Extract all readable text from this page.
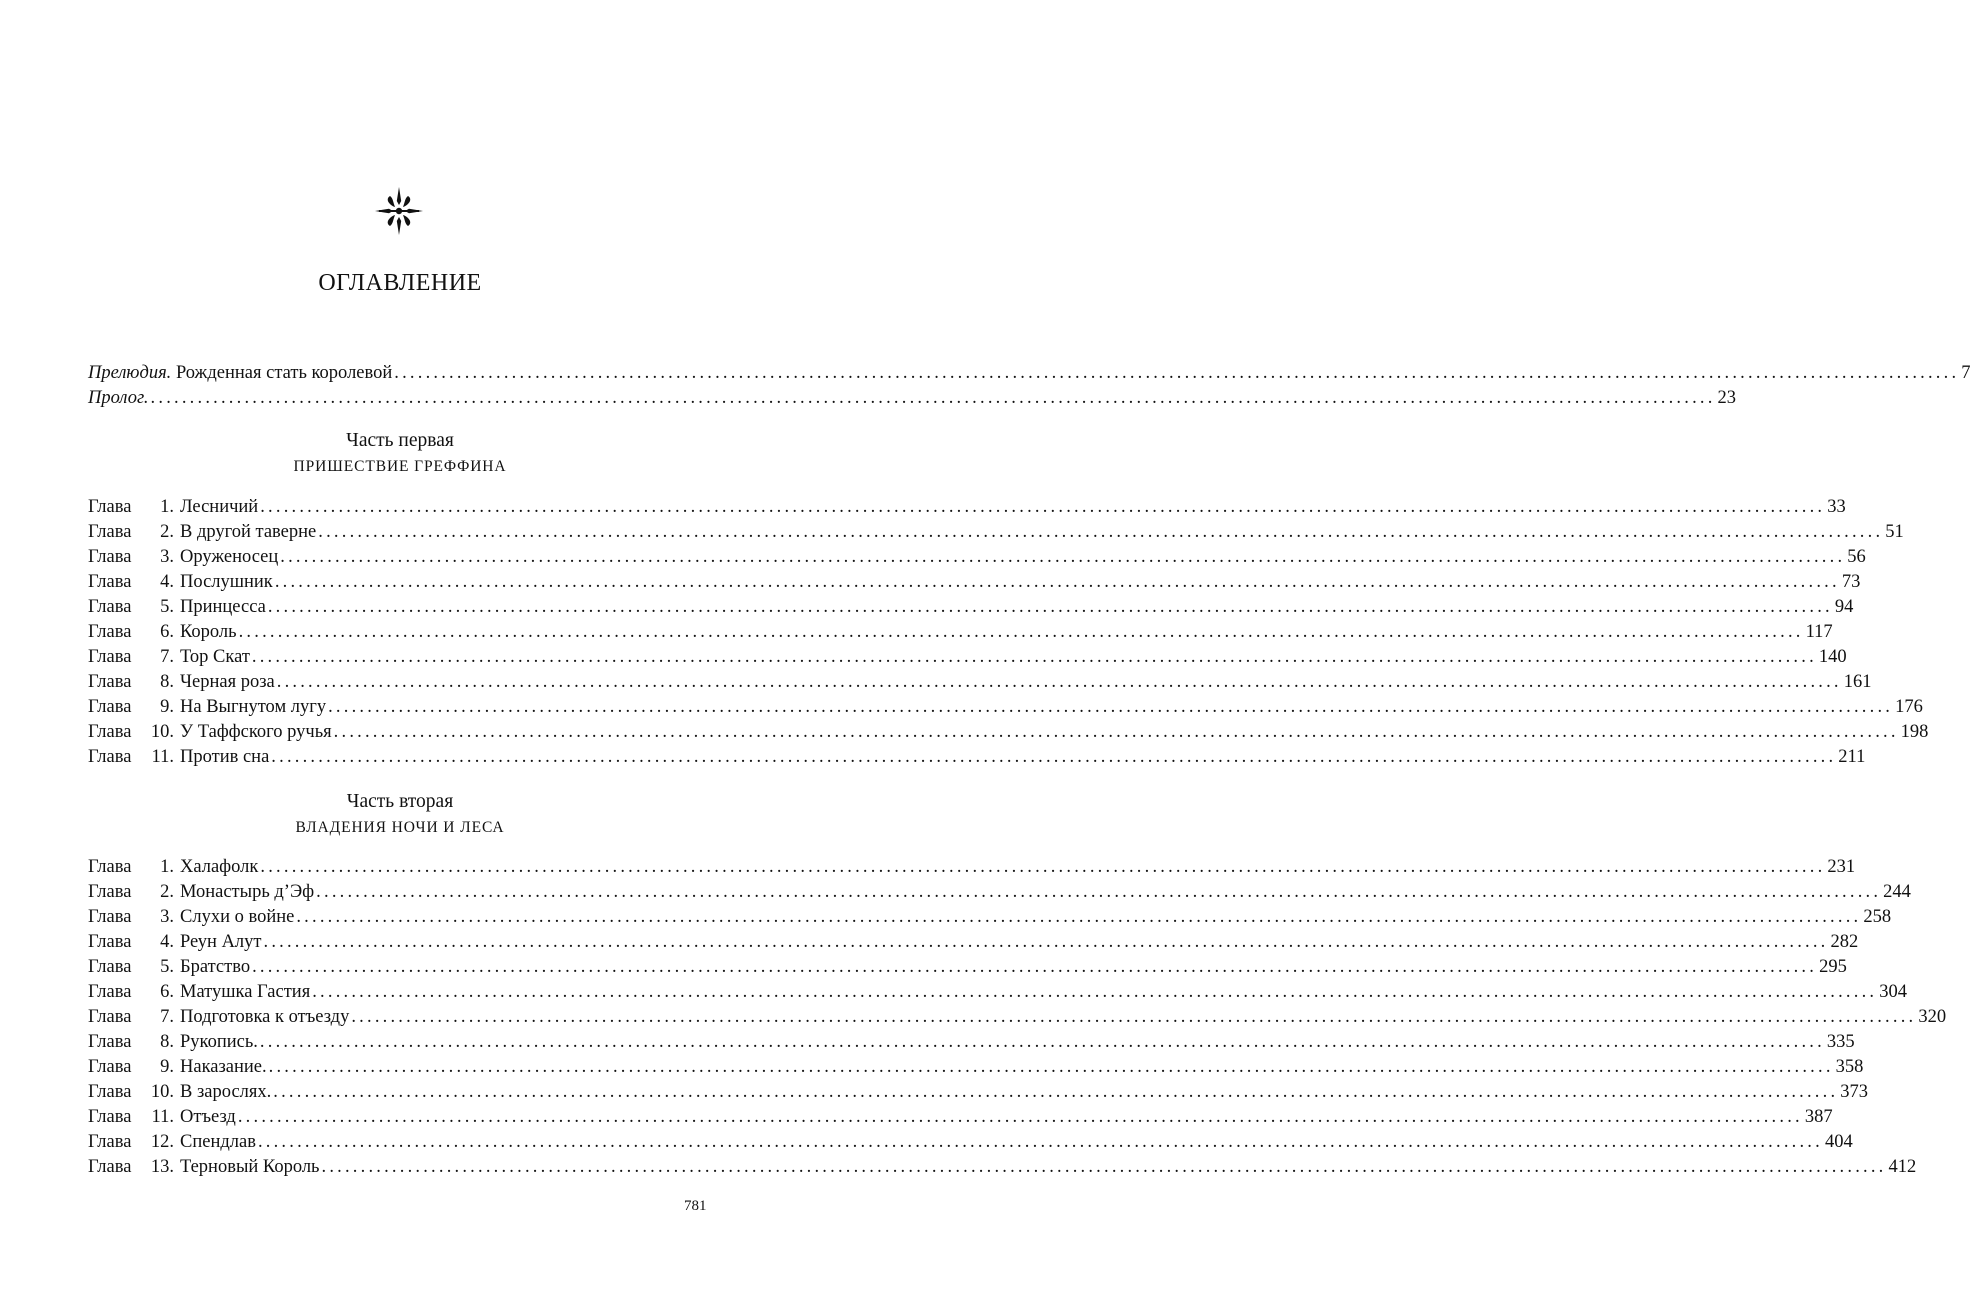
ОГЛАВЛЕНИЕ
Прелюдия. Рожденная стать королевой ........................................................................................................................................................................................................ 7
Пролог. ........................................................................................................................................................................................................ 23
Часть первая
ПРИШЕСТВИЕ ГРЕФФИНА
Глава 1. Лесничий ........................................................................................................................................................................................................ 33
Глава 2. В другой таверне ........................................................................................................................................................................................................ 51
Глава 3. Оруженосец ........................................................................................................................................................................................................ 56
Глава 4. Послушник ........................................................................................................................................................................................................ 73
Глава 5. Принцесса ........................................................................................................................................................................................................ 94
Глава 6. Король ........................................................................................................................................................................................................ 117
Глава 7. Тор Скат ........................................................................................................................................................................................................ 140
Глава 8. Черная роза ........................................................................................................................................................................................................ 161
Глава 9. На Выгнутом лугу ........................................................................................................................................................................................................ 176
Глава 10. У Таффского ручья ........................................................................................................................................................................................................ 198
Глава 11. Против сна ........................................................................................................................................................................................................ 211
Часть вторая
ВЛАДЕНИЯ НОЧИ И ЛЕСА
Глава 1. Халафолк ........................................................................................................................................................................................................ 231
Глава 2. Монастырь д’Эф ........................................................................................................................................................................................................ 244
Глава 3. Слухи о войне ........................................................................................................................................................................................................ 258
Глава 4. Реун Алут ........................................................................................................................................................................................................ 282
Глава 5. Братство ........................................................................................................................................................................................................ 295
Глава 6. Матушка Гастия ........................................................................................................................................................................................................ 304
Глава 7. Подготовка к отъезду ........................................................................................................................................................................................................ 320
Глава 8. Рукопись. ........................................................................................................................................................................................................ 335
Глава 9. Наказание. ........................................................................................................................................................................................................ 358
Глава 10. В зарослях. ........................................................................................................................................................................................................ 373
Глава 11. Отъезд ........................................................................................................................................................................................................ 387
Глава 12. Спендлав ........................................................................................................................................................................................................ 404
Глава 13. Терновый Король ........................................................................................................................................................................................................ 412
781
